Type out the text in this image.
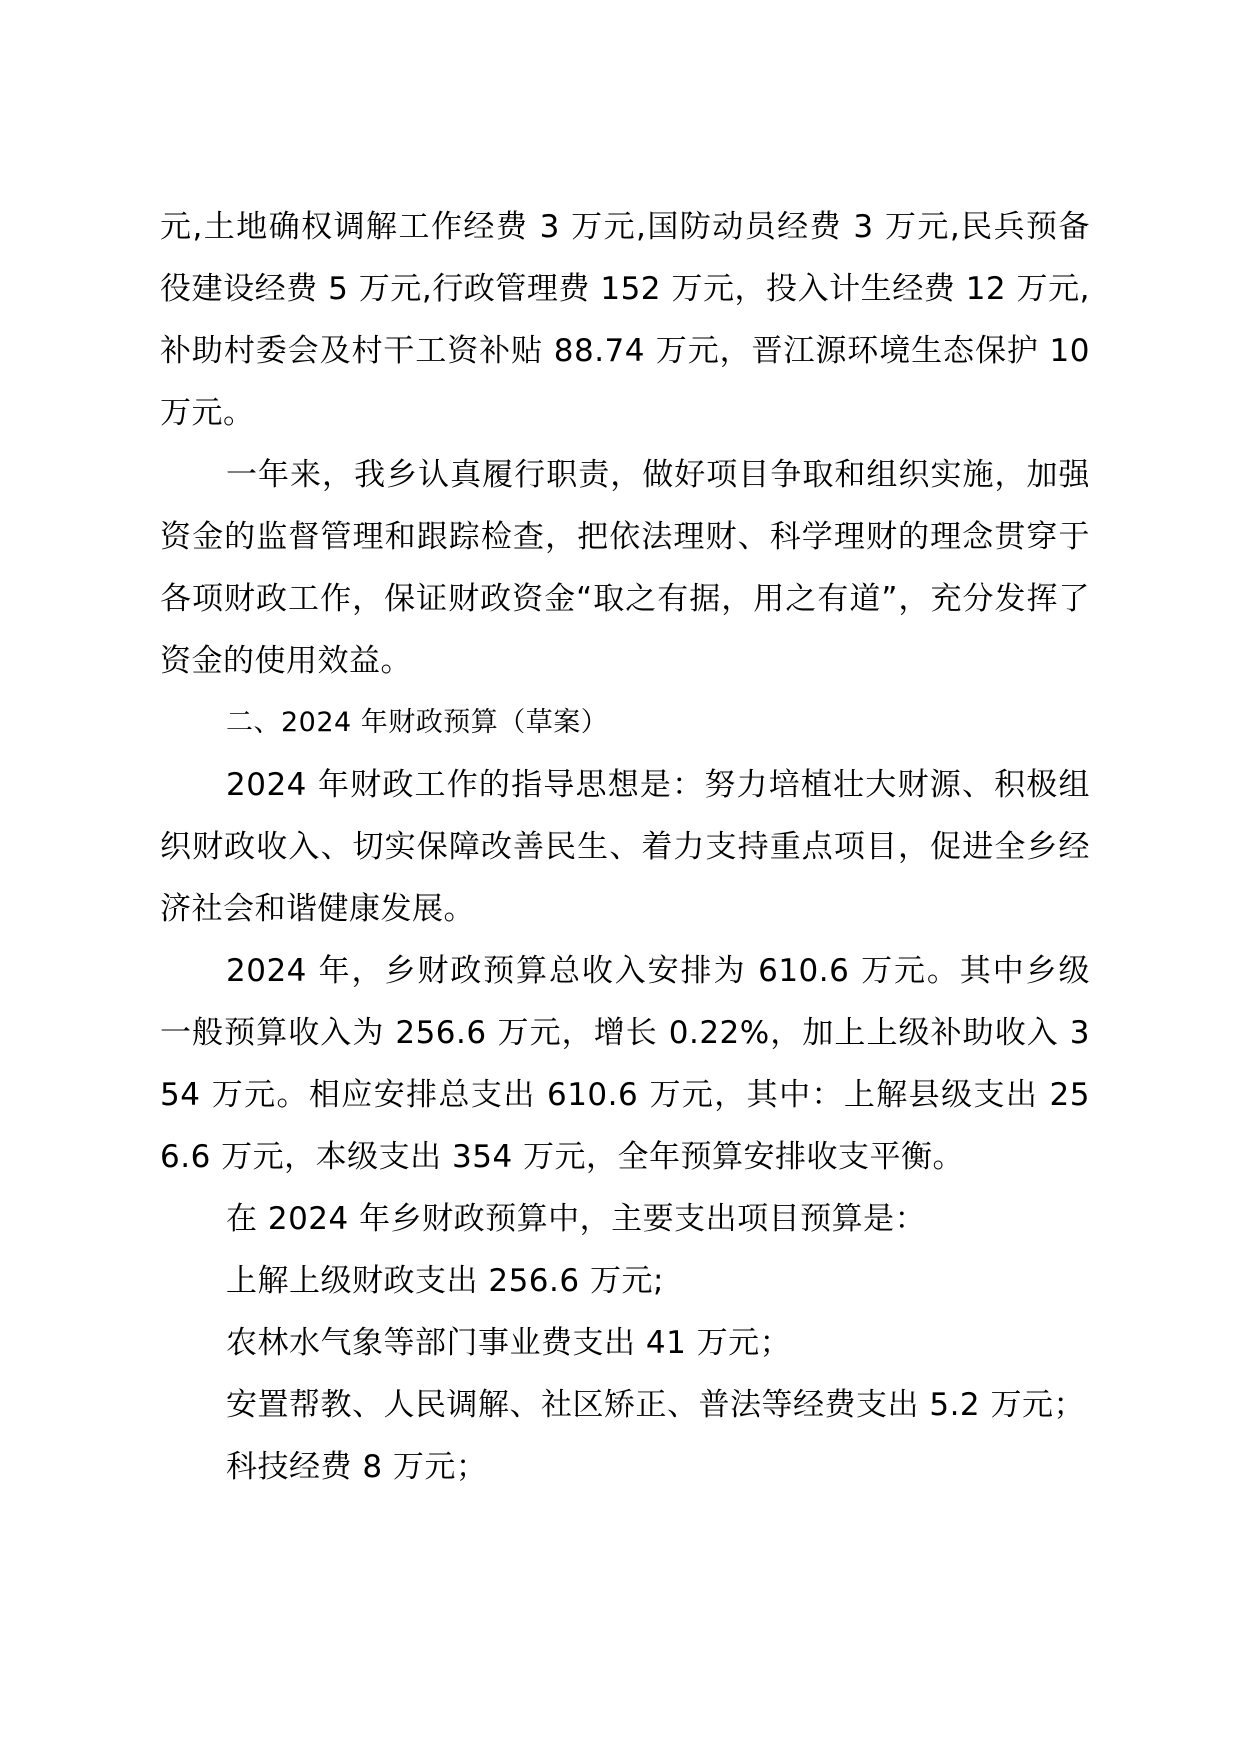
元,土地确权调解工作经费 3 万元,国防动员经费 3 万元,民兵预备役建设经费 5 万元,行政管理费 152 万元，投入计生经费 12 万元,补助村委会及村干工资补贴 88.74 万元，晋江源环境生态保护 10 万元。

一年来，我乡认真履行职责，做好项目争取和组织实施，加强资金的监督管理和跟踪检查，把依法理财、科学理财的理念贯穿于各项财政工作，保证财政资金“取之有据，用之有道”，充分发挥了资金的使用效益。

二、2024 年财政预算（草案）

2024 年财政工作的指导思想是：努力培植壮大财源、积极组织财政收入、切实保障改善民生、着力支持重点项目，促进全乡经济社会和谐健康发展。

2024 年，乡财政预算总收入安排为 610.6 万元。其中乡级一般预算收入为 256.6 万元，增长 0.22%，加上上级补助收入 354 万元。相应安排总支出 610.6 万元，其中：上解县级支出 256.6 万元，本级支出 354 万元，全年预算安排收支平衡。

在 2024 年乡财政预算中，主要支出项目预算是：

上解上级财政支出 256.6 万元;

农林水气象等部门事业费支出 41 万元；

安置帮教、人民调解、社区矫正、普法等经费支出 5.2 万元；

科技经费 8 万元；
